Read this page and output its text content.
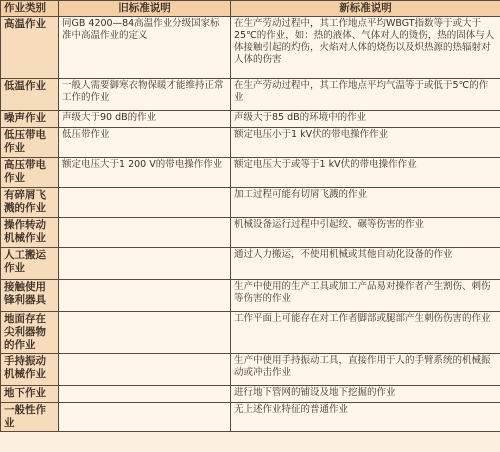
作业类别	旧标准说明	新标准说明
高温作业	同GB 4200—84高温作业分级国家标准中高温作业的定义	在生产劳动过程中，其工作地点平均WBGT指数等于或大于25℃的作业，如：热的液体、气体对人的烫伤，热的固体与人体接触引起的灼伤，火焰对人体的烧伤以及炽热源的热辐射对人体的伤害
低温作业	一般人需要御寒衣物保暖才能维持正常工作的作业	在生产劳动过程中，其工作地点平均气温等于或低于5℃的作业
噪声作业	声级大于90 dB的作业	声级大于85 dB的环境中的作业
低压带电作业	低压带作业	额定电压小于1 kV伏的带电操作作业
高压带电作业	额定电压大于1 200 V的带电操作作业	额定电压大于或等于1 kV伏的带电操作作业
有碎屑飞溅的作业		加工过程可能有切屑飞溅的作业
操作转动机械作业		机械设备运行过程中引起绞、碾等伤害的作业
人工搬运作业		通过人力搬运，不使用机械或其他自动化设备的作业
接触使用锋利器具		生产中使用的生产工具或加工产品易对操作者产生割伤、刺伤等伤害的作业
地面存在尖利器物的作业		工作平面上可能存在对工作者脚部或腿部产生刺伤伤害的作业
手持振动机械作业		生产中使用手持振动工具，直接作用于人的手臂系统的机械振动或冲击作业
地下作业		进行地下管网的铺设及地下挖掘的作业
一般性作业		无上述作业特征的普通作业
